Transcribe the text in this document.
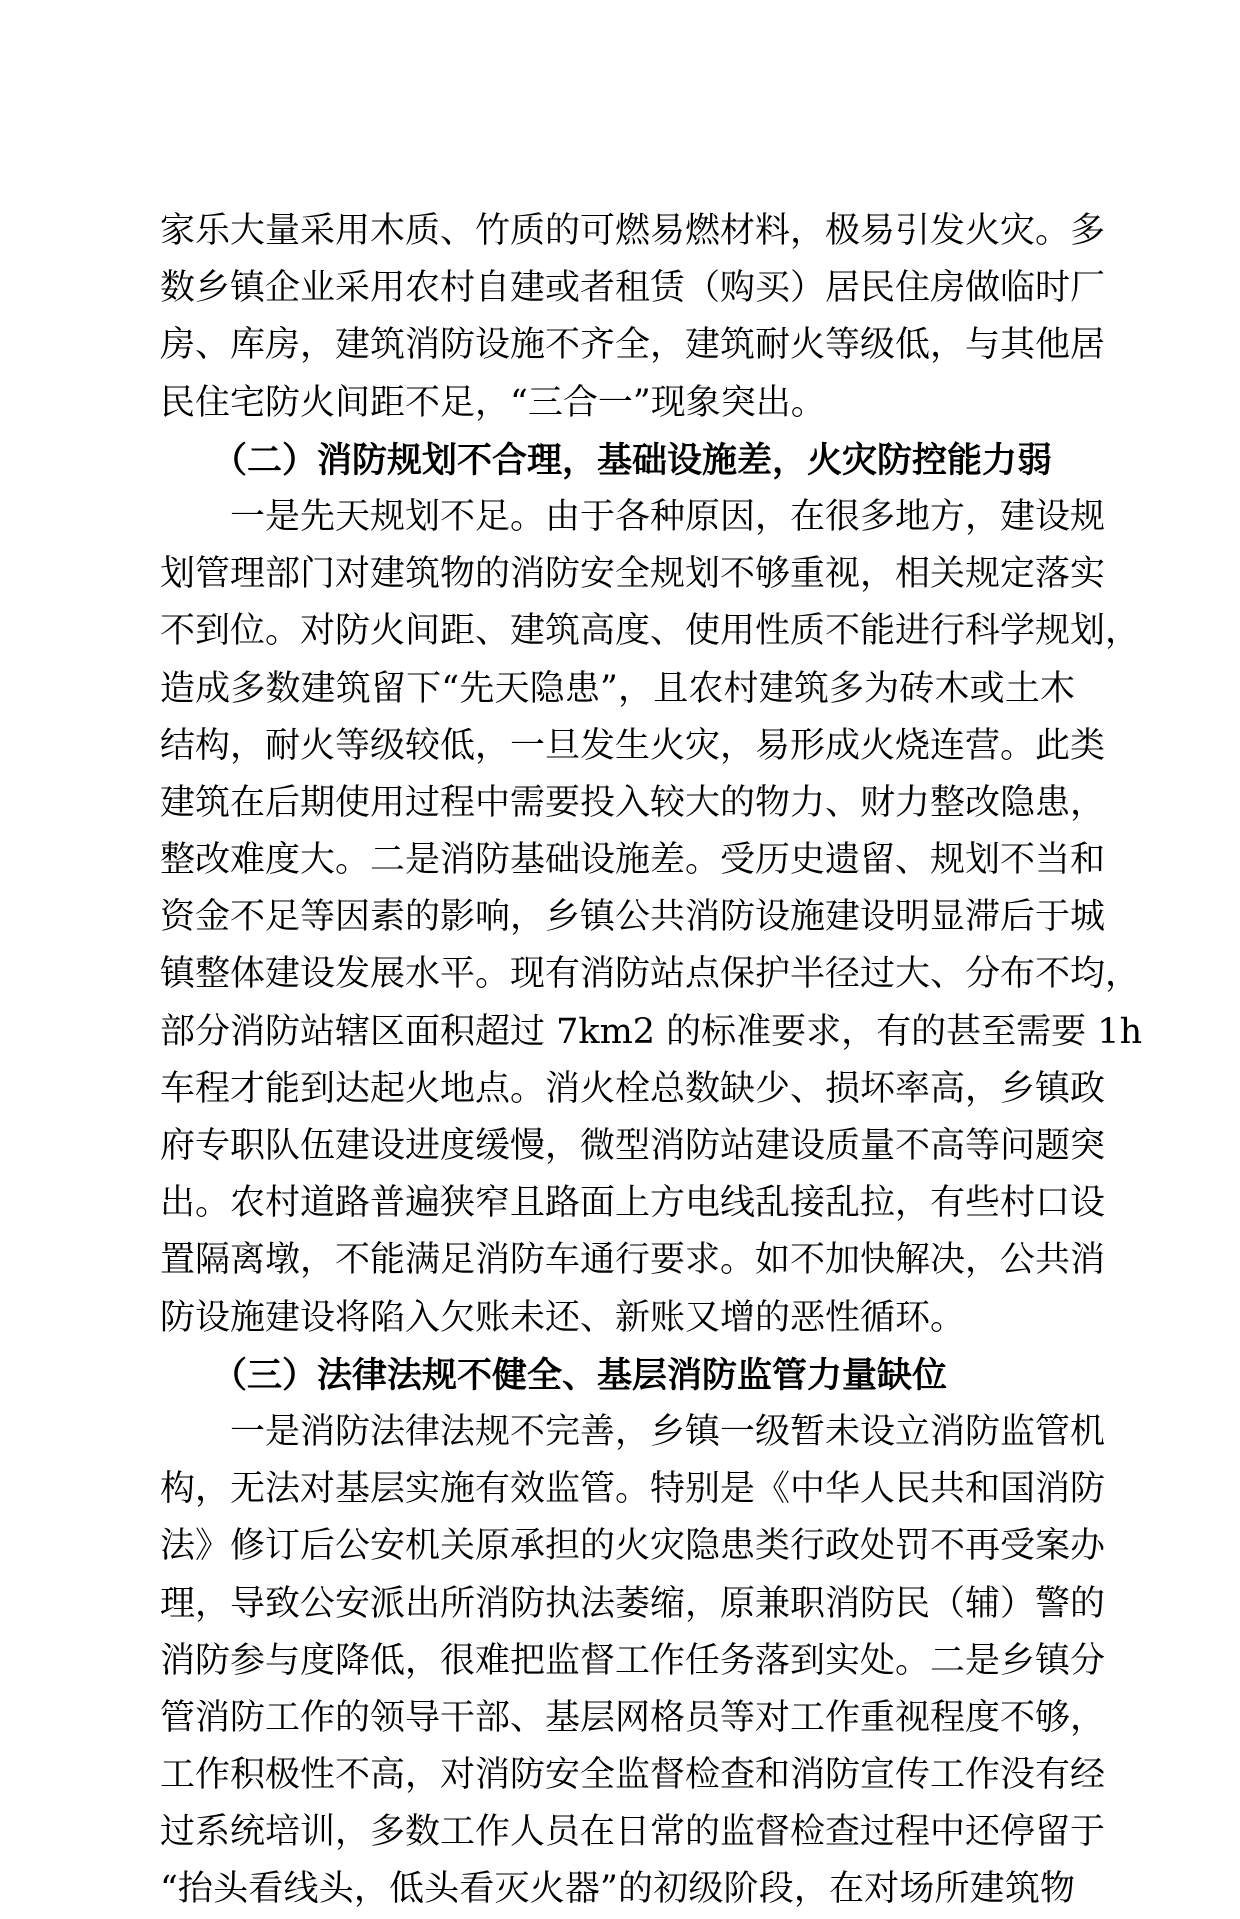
家乐大量采用木质、竹质的可燃易燃材料，极易引发火灾。多
数乡镇企业采用农村自建或者租赁（购买）居民住房做临时厂
房、库房，建筑消防设施不齐全，建筑耐火等级低，与其他居
民住宅防火间距不足，“三合一”现象突出。
（二）消防规划不合理，基础设施差，火灾防控能力弱
一是先天规划不足。由于各种原因，在很多地方，建设规
划管理部门对建筑物的消防安全规划不够重视，相关规定落实
不到位。对防火间距、建筑高度、使用性质不能进行科学规划，
造成多数建筑留下“先天隐患”，且农村建筑多为砖木或土木
结构，耐火等级较低，一旦发生火灾，易形成火烧连营。此类
建筑在后期使用过程中需要投入较大的物力、财力整改隐患，
整改难度大。二是消防基础设施差。受历史遗留、规划不当和
资金不足等因素的影响，乡镇公共消防设施建设明显滞后于城
镇整体建设发展水平。现有消防站点保护半径过大、分布不均，
部分消防站辖区面积超过 7km2 的标准要求，有的甚至需要 1h
车程才能到达起火地点。消火栓总数缺少、损坏率高，乡镇政
府专职队伍建设进度缓慢，微型消防站建设质量不高等问题突
出。农村道路普遍狭窄且路面上方电线乱接乱拉，有些村口设
置隔离墩，不能满足消防车通行要求。如不加快解决，公共消
防设施建设将陷入欠账未还、新账又增的恶性循环。
（三）法律法规不健全、基层消防监管力量缺位
一是消防法律法规不完善，乡镇一级暂未设立消防监管机
构，无法对基层实施有效监管。特别是《中华人民共和国消防
法》修订后公安机关原承担的火灾隐患类行政处罚不再受案办
理，导致公安派出所消防执法萎缩，原兼职消防民（辅）警的
消防参与度降低，很难把监督工作任务落到实处。二是乡镇分
管消防工作的领导干部、基层网格员等对工作重视程度不够，
工作积极性不高，对消防安全监督检查和消防宣传工作没有经
过系统培训，多数工作人员在日常的监督检查过程中还停留于
“抬头看线头，低头看灭火器”的初级阶段，在对场所建筑物
